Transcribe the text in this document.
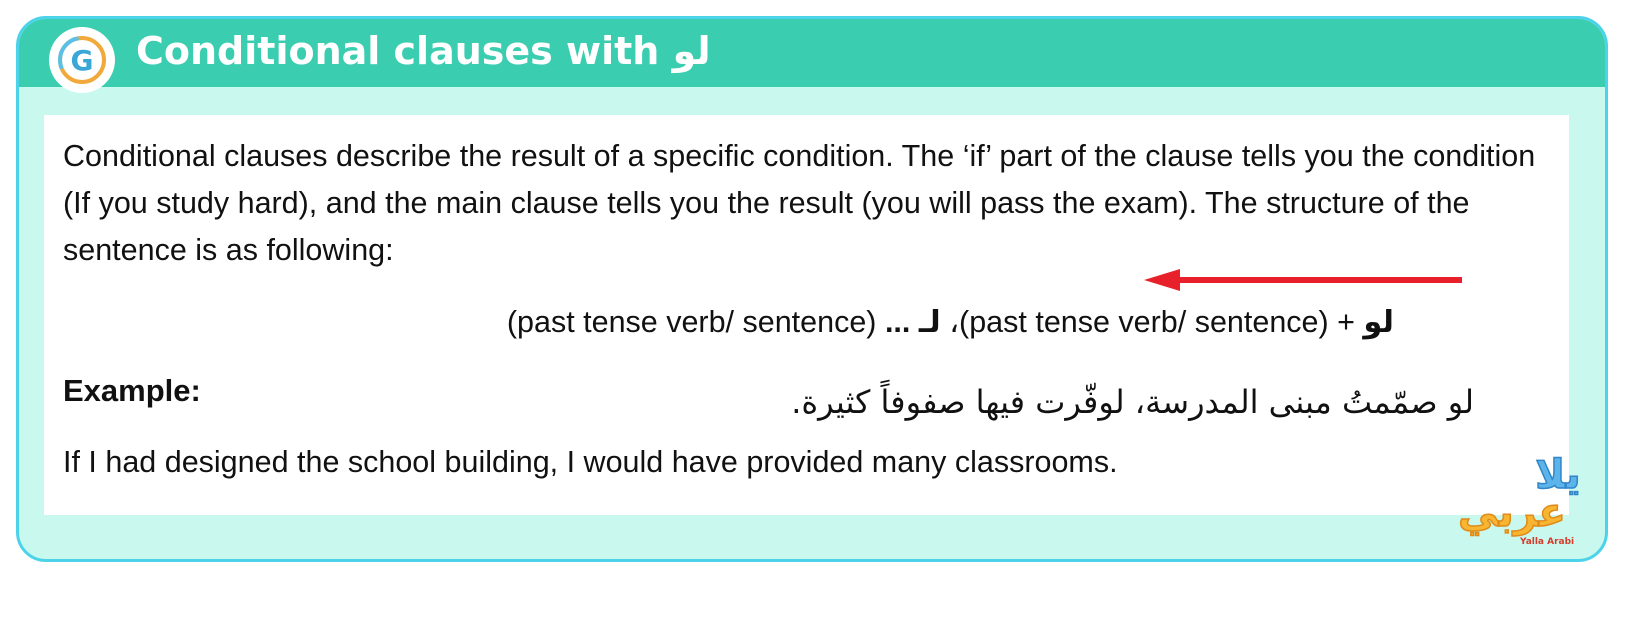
G Conditional clauses with لو

Conditional clauses describe the result of a specific condition. The ‘if’ part of the clause tells you the condition (If you study hard), and the main clause tells you the result (you will pass the exam). The structure of the sentence is as following:

لو + (past tense verb/ sentence)، لـ ... (past tense verb/ sentence)
Example:	لو صمّمتُ مبنى المدرسة، لوفّرت فيها صفوفاً كثيرة.
If I had designed the school building, I would have provided many classrooms.	يلا
عربي
Yalla Arabi
